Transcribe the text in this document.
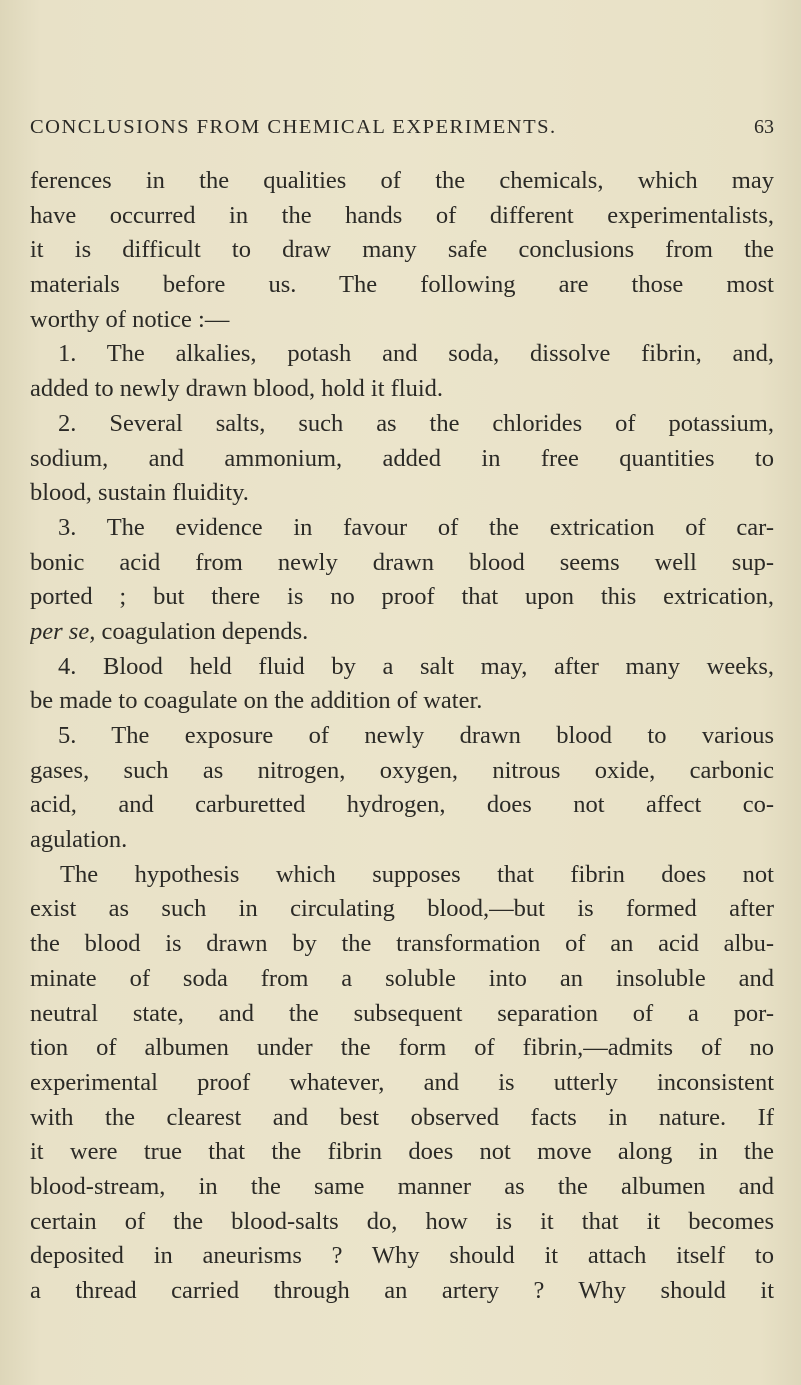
CONCLUSIONS FROM CHEMICAL EXPERIMENTS.	63
ferences in the qualities of the chemicals, which may
have occurred in the hands of different experimentalists,
it is difficult to draw many safe conclusions from the
materials before us. The following are those most
worthy of notice :—
1. The alkalies, potash and soda, dissolve fibrin, and,
added to newly drawn blood, hold it fluid.
2. Several salts, such as the chlorides of potassium,
sodium, and ammonium, added in free quantities to
blood, sustain fluidity.
3. The evidence in favour of the extrication of car-
bonic acid from newly drawn blood seems well sup-
ported ; but there is no proof that upon this extrication,
per se, coagulation depends.
4. Blood held fluid by a salt may, after many weeks,
be made to coagulate on the addition of water.
5. The exposure of newly drawn blood to various
gases, such as nitrogen, oxygen, nitrous oxide, carbonic
acid, and carburetted hydrogen, does not affect co-
agulation.
The hypothesis which supposes that fibrin does not
exist as such in circulating blood,—but is formed after
the blood is drawn by the transformation of an acid albu-
minate of soda from a soluble into an insoluble and
neutral state, and the subsequent separation of a por-
tion of albumen under the form of fibrin,—admits of no
experimental proof whatever, and is utterly inconsistent
with the clearest and best observed facts in nature. If
it were true that the fibrin does not move along in the
blood-stream, in the same manner as the albumen and
certain of the blood-salts do, how is it that it becomes
deposited in aneurisms ? Why should it attach itself to
a thread carried through an artery ? Why should it
